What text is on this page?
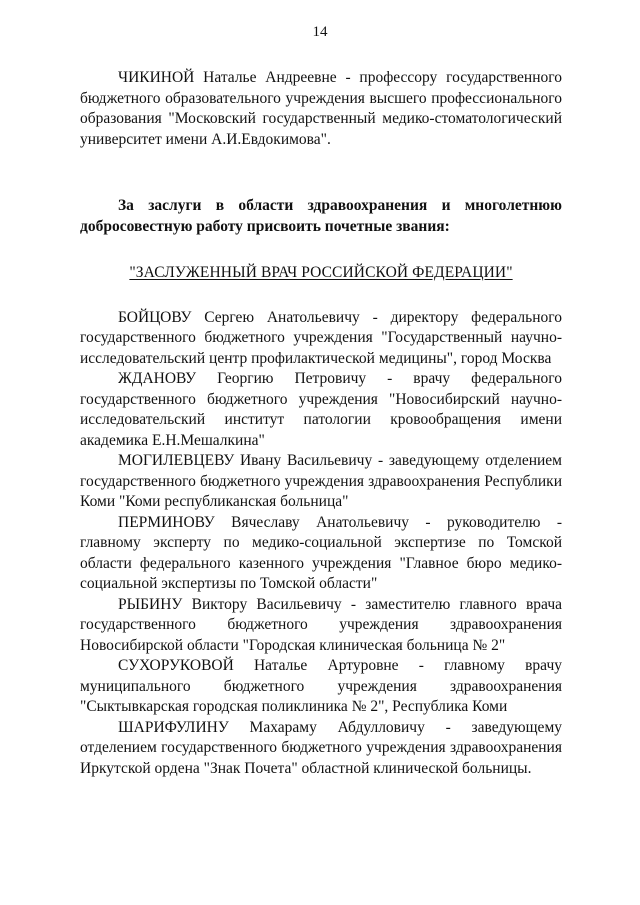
14

ЧИКИНОЙ Наталье Андреевне - профессору государственного бюджетного образовательного учреждения высшего профессионального образования "Московский государственный медико-стоматологический университет имени А.И.Евдокимова".

За заслуги в области здравоохранения и многолетнюю добросовестную работу присвоить почетные звания:

"ЗАСЛУЖЕННЫЙ ВРАЧ РОССИЙСКОЙ ФЕДЕРАЦИИ"

БОЙЦОВУ Сергею Анатольевичу - директору федерального государственного бюджетного учреждения "Государственный научно-исследовательский центр профилактической медицины", город Москва

ЖДАНОВУ Георгию Петровичу - врачу федерального государственного бюджетного учреждения "Новосибирский научно-исследовательский институт патологии кровообращения имени академика Е.Н.Мешалкина"

МОГИЛЕВЦЕВУ Ивану Васильевичу - заведующему отделением государственного бюджетного учреждения здравоохранения Республики Коми "Коми республиканская больница"

ПЕРМИНОВУ Вячеславу Анатольевичу - руководителю - главному эксперту по медико-социальной экспертизе по Томской области федерального казенного учреждения "Главное бюро медико-социальной экспертизы по Томской области"

РЫБИНУ Виктору Васильевичу - заместителю главного врача государственного бюджетного учреждения здравоохранения Новосибирской области "Городская клиническая больница № 2"

СУХОРУКОВОЙ Наталье Артуровне - главному врачу муниципального бюджетного учреждения здравоохранения "Сыктывкарская городская поликлиника № 2", Республика Коми

ШАРИФУЛИНУ Махараму Абдулловичу - заведующему отделением государственного бюджетного учреждения здравоохранения Иркутской ордена "Знак Почета" областной клинической больницы.
